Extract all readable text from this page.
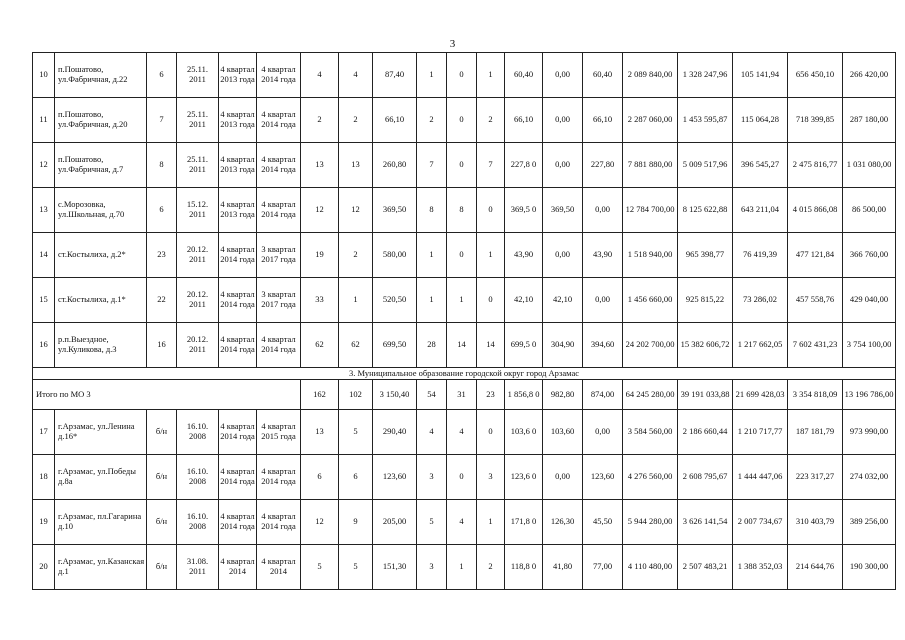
3
10	п.Пошатово, ул.Фабричная, д.22	6	25.11. 2011	4 квартал 2013 года	4 квартал 2014 года	4	4	87,40	1	0	1	60,40	0,00	60,40	2 089 840,00	1 328 247,96	105 141,94	656 450,10	266 420,00
11	п.Пошатово, ул.Фабричная, д.20	7	25.11. 2011	4 квартал 2013 года	4 квартал 2014 года	2	2	66,10	2	0	2	66,10	0,00	66,10	2 287 060,00	1 453 595,87	115 064,28	718 399,85	287 180,00
12	п.Пошатово, ул.Фабричная, д.7	8	25.11. 2011	4 квартал 2013 года	4 квартал 2014 года	13	13	260,80	7	0	7	227,8 0	0,00	227,80	7 881 880,00	5 009 517,96	396 545,27	2 475 816,77	1 031 080,00
13	с.Морозовка, ул.Школьная, д.70	6	15.12. 2011	4 квартал 2013 года	4 квартал 2014 года	12	12	369,50	8	8	0	369,5 0	369,50	0,00	12 784 700,00	8 125 622,88	643 211,04	4 015 866,08	86 500,00
14	ст.Костылиха, д.2*	23	20.12. 2011	4 квартал 2014 года	3 квартал 2017 года	19	2	580,00	1	0	1	43,90	0,00	43,90	1 518 940,00	965 398,77	76 419,39	477 121,84	366 760,00
15	ст.Костылиха, д.1*	22	20.12. 2011	4 квартал 2014 года	3 квартал 2017 года	33	1	520,50	1	1	0	42,10	42,10	0,00	1 456 660,00	925 815,22	73 286,02	457 558,76	429 040,00
16	р.п.Выездное, ул.Куликова, д.3	16	20.12. 2011	4 квартал 2014 года	4 квартал 2014 года	62	62	699,50	28	14	14	699,5 0	304,90	394,60	24 202 700,00	15 382 606,72	1 217 662,05	7 602 431,23	3 754 100,00
3. Муниципальное образование городской округ город Арзамас																			
Итого по МО 3						162	102	3 150,40	54	31	23	1 856,8 0	982,80	874,00	64 245 280,00	39 191 033,88	21 699 428,03	3 354 818,09	13 196 786,00
17	г.Арзамас, ул.Ленина д.16*	б/н	16.10. 2008	4 квартал 2014 года	4 квартал 2015 года	13	5	290,40	4	4	0	103,6 0	103,60	0,00	3 584 560,00	2 186 660,44	1 210 717,77	187 181,79	973 990,00
18	г.Арзамас, ул.Победы д.8а	б/н	16.10. 2008	4 квартал 2014 года	4 квартал 2014 года	6	6	123,60	3	0	3	123,6 0	0,00	123,60	4 276 560,00	2 608 795,67	1 444 447,06	223 317,27	274 032,00
19	г.Арзамас, пл.Гагарина д.10	б/н	16.10. 2008	4 квартал 2014 года	4 квартал 2014 года	12	9	205,00	5	4	1	171,8 0	126,30	45,50	5 944 280,00	3 626 141,54	2 007 734,67	310 403,79	389 256,00
20	г.Арзамас, ул.Казанская д.1	б/н	31.08. 2011	4 квартал 2014	4 квартал 2014	5	5	151,30	3	1	2	118,8 0	41,80	77,00	4 110 480,00	2 507 483,21	1 388 352,03	214 644,76	190 300,00
